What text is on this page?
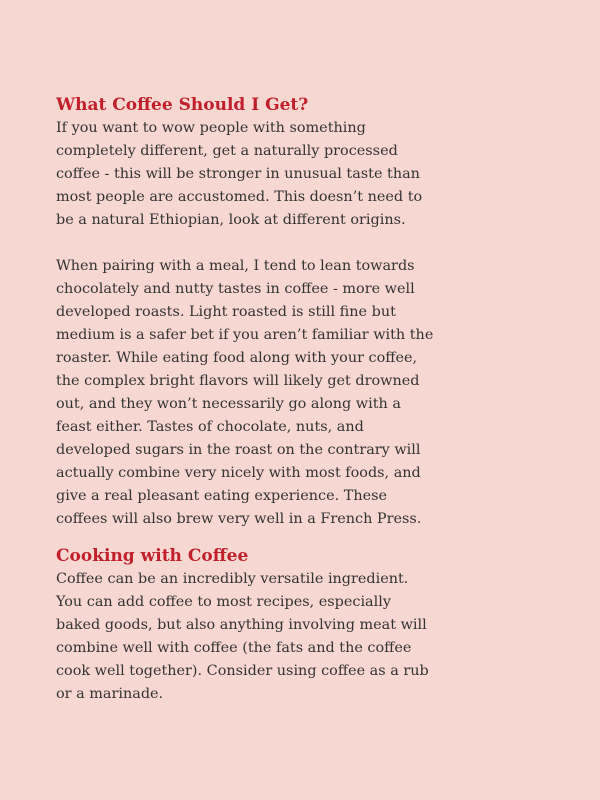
What Coffee Should I Get?

If you want to wow people with something completely different, get a naturally processed coffee - this will be stronger in unusual taste than most people are accustomed. This doesn’t need to be a natural Ethiopian, look at different origins.

When pairing with a meal, I tend to lean towards chocolately and nutty tastes in coffee - more well developed roasts. Light roasted is still fine but medium is a safer bet if you aren’t familiar with the roaster. While eating food along with your coffee, the complex bright flavors will likely get drowned out, and they won’t necessarily go along with a feast either. Tastes of chocolate, nuts, and developed sugars in the roast on the contrary will actually combine very nicely with most foods, and give a real pleasant eating experience. These coffees will also brew very well in a French Press.

Cooking with Coffee

Coffee can be an incredibly versatile ingredient. You can add coffee to most recipes, especially baked goods, but also anything involving meat will combine well with coffee (the fats and the coffee cook well together). Consider using coffee as a rub or a marinade.
